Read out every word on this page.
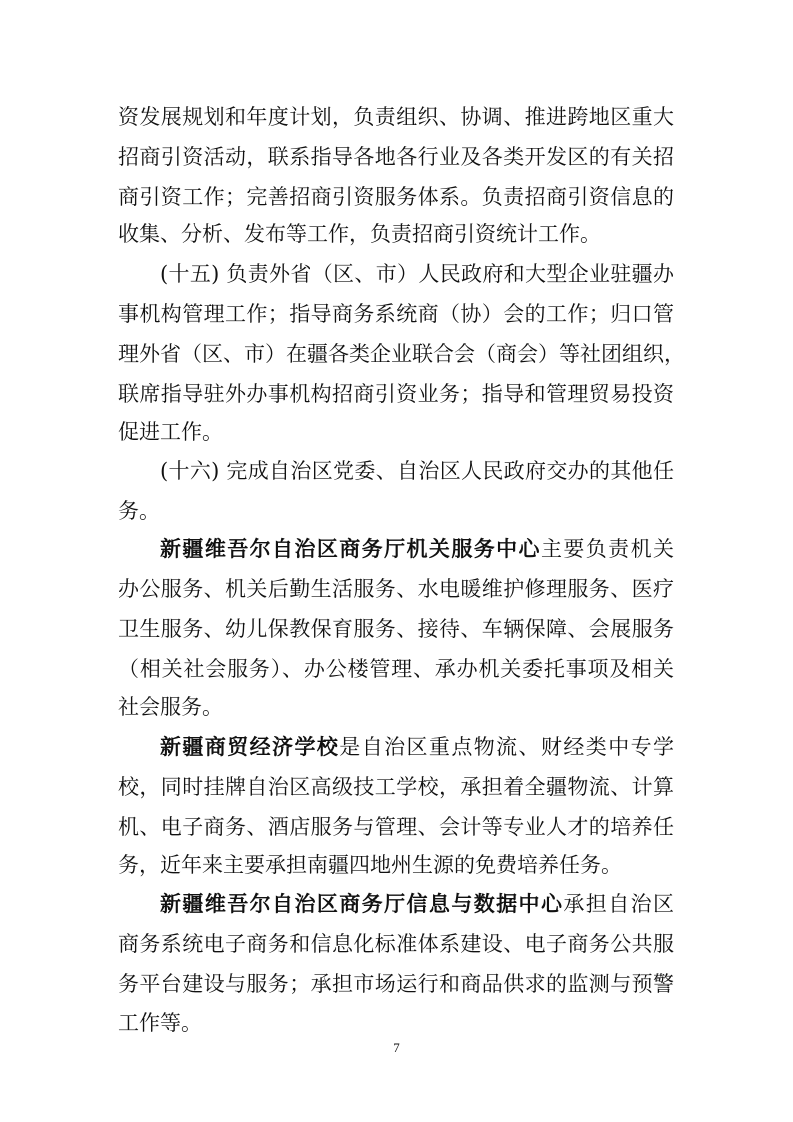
资发展规划和年度计划，负责组织、协调、推进跨地区重大
招商引资活动，联系指导各地各行业及各类开发区的有关招
商引资工作；完善招商引资服务体系。负责招商引资信息的
收集、分析、发布等工作，负责招商引资统计工作。
(十五) 负责外省（区、市）人民政府和大型企业驻疆办
事机构管理工作；指导商务系统商（协）会的工作；归口管
理外省（区、市）在疆各类企业联合会（商会）等社团组织，
联席指导驻外办事机构招商引资业务；指导和管理贸易投资
促进工作。
(十六) 完成自治区党委、自治区人民政府交办的其他任
务。
新疆维吾尔自治区商务厅机关服务中心主要负责机关
办公服务、机关后勤生活服务、水电暖维护修理服务、医疗
卫生服务、幼儿保教保育服务、接待、车辆保障、会展服务
（相关社会服务）、办公楼管理、承办机关委托事项及相关
社会服务。
新疆商贸经济学校是自治区重点物流、财经类中专学
校，同时挂牌自治区高级技工学校，承担着全疆物流、计算
机、电子商务、酒店服务与管理、会计等专业人才的培养任
务，近年来主要承担南疆四地州生源的免费培养任务。
新疆维吾尔自治区商务厅信息与数据中心承担自治区
商务系统电子商务和信息化标准体系建设、电子商务公共服
务平台建设与服务；承担市场运行和商品供求的监测与预警
工作等。
7
